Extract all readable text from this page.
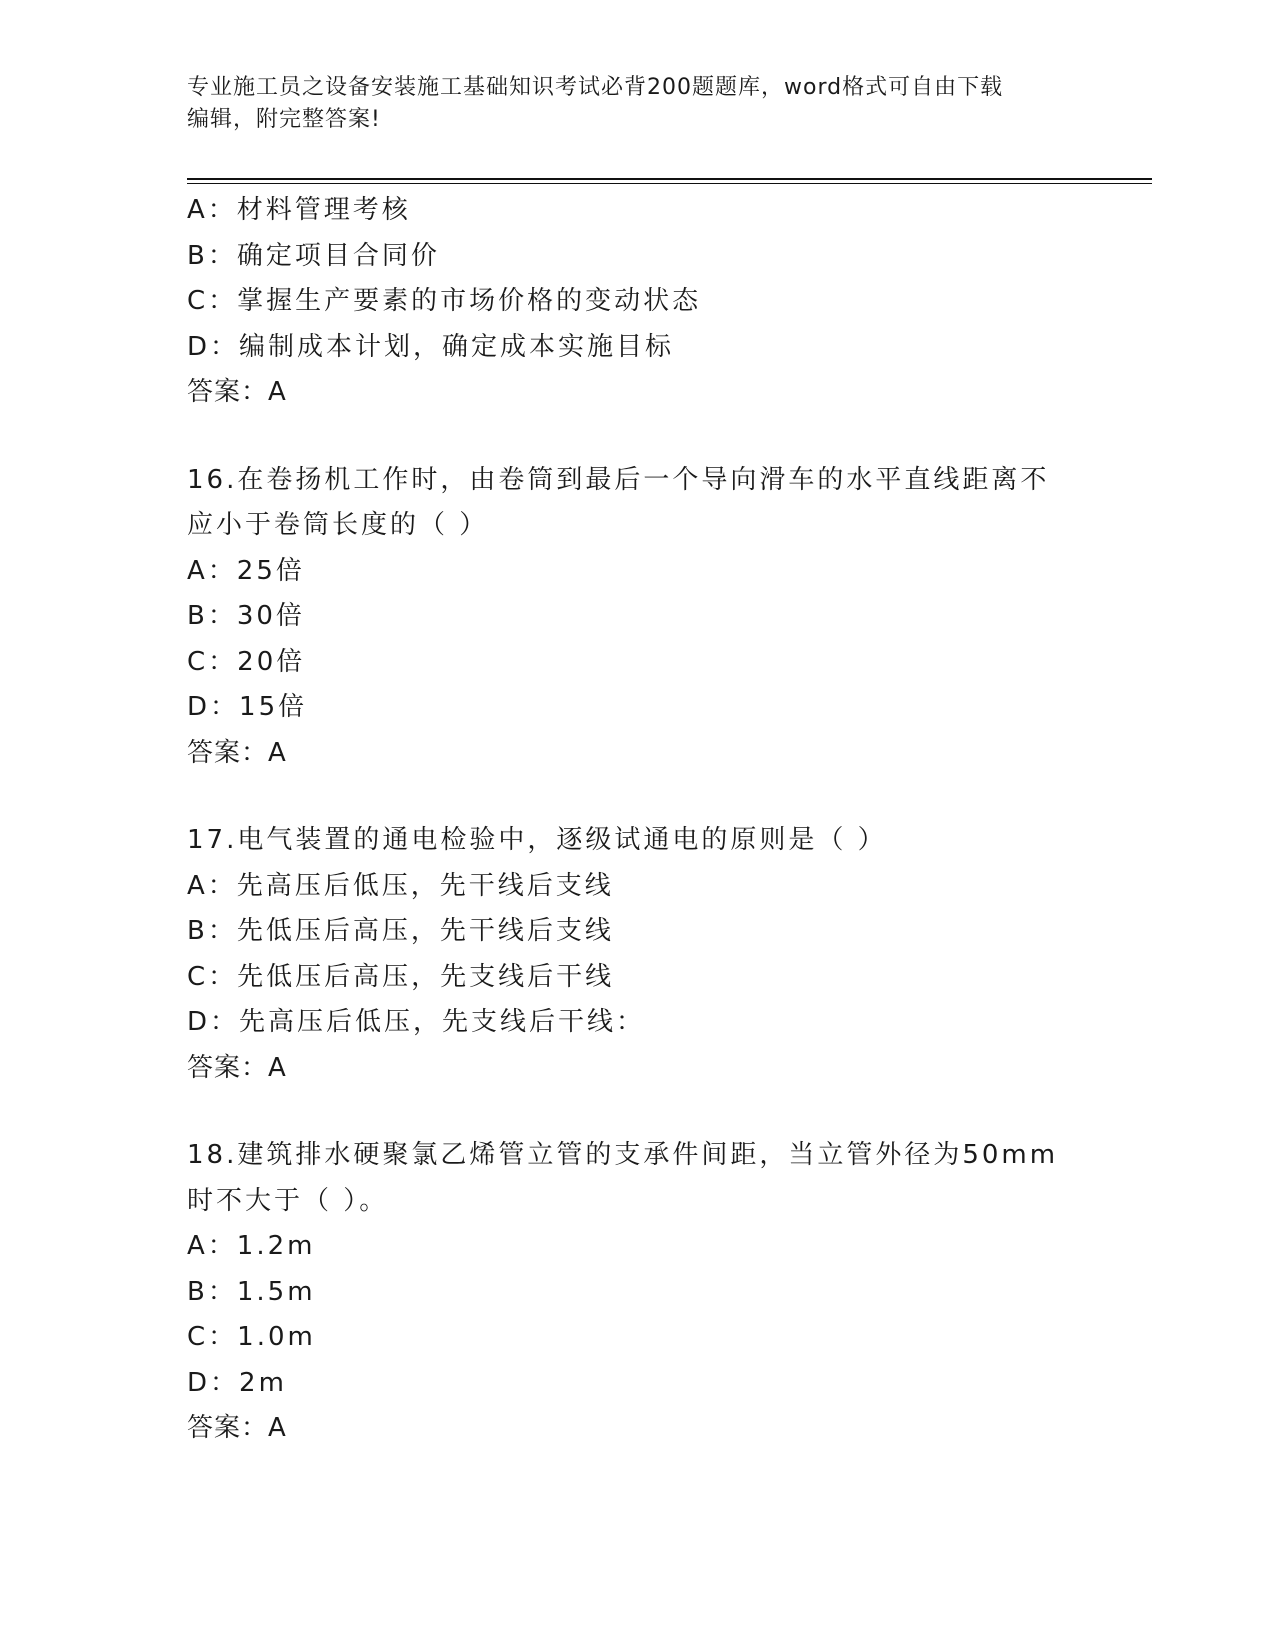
专业施工员之设备安装施工基础知识考试必背200题题库，word格式可自由下载
编辑，附完整答案!
A：材料管理考核
B：确定项目合同价
C：掌握生产要素的市场价格的变动状态
D：编制成本计划，确定成本实施目标
答案：A
16.在卷扬机工作时，由卷筒到最后一个导向滑车的水平直线距离不应小于卷筒长度的（ ）
A：25倍
B：30倍
C：20倍
D：15倍
答案：A
17.电气装置的通电检验中，逐级试通电的原则是（ ）
A：先高压后低压，先干线后支线
B：先低压后高压，先干线后支线
C：先低压后高压，先支线后干线
D：先高压后低压，先支线后干线：
答案：A
18.建筑排水硬聚氯乙烯管立管的支承件间距，当立管外径为50mm时不大于（ ）。
A：1.2m
B：1.5m
C：1.0m
D：2m
答案：A
